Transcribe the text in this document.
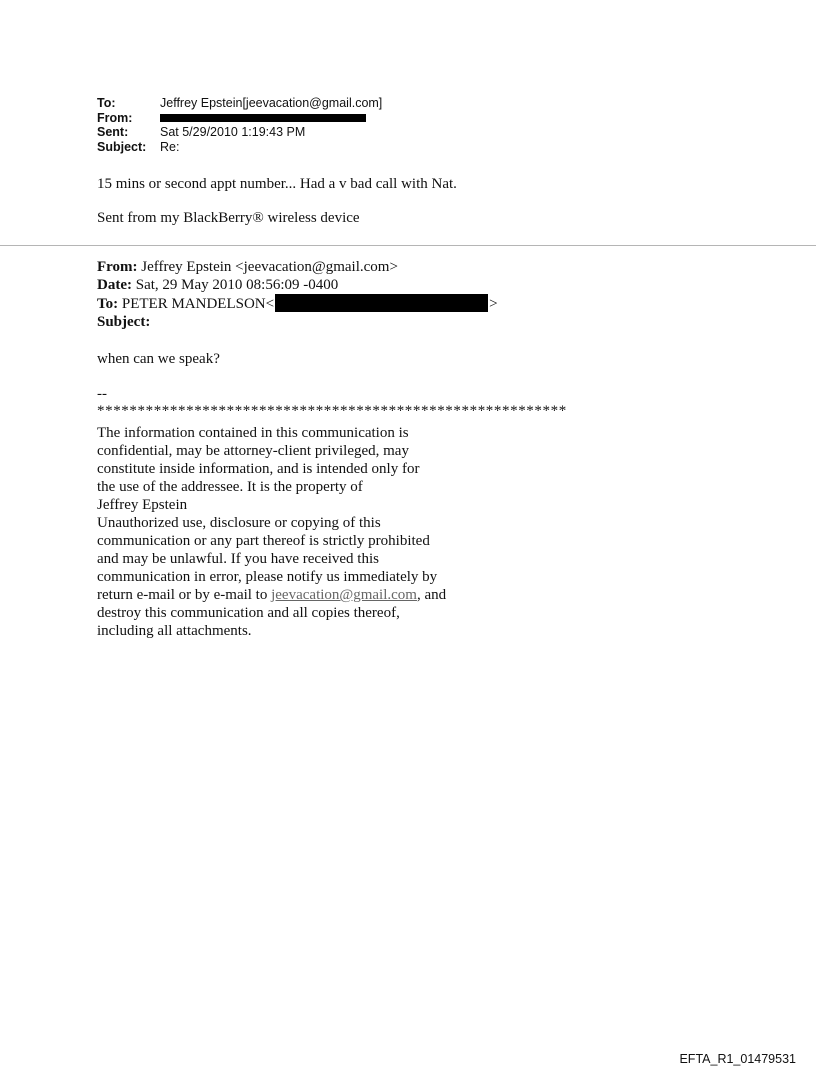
To:	Jeffrey Epstein[jeevacation@gmail.com]
From:
Sent:	Sat 5/29/2010 1:19:43 PM
Subject:	Re:
15 mins or second appt number... Had a v bad call with Nat.
Sent from my BlackBerry® wireless device
From: Jeffrey Epstein <jeevacation@gmail.com>
Date: Sat, 29 May 2010 08:56:09 -0400
To: PETER MANDELSON<	>
Subject:
when can we speak?
--
**********************************************************
The information contained in this communication is
confidential, may be attorney-client privileged, may
constitute inside information, and is intended only for
the use of the addressee. It is the property of
Jeffrey Epstein
Unauthorized use, disclosure or copying of this
communication or any part thereof is strictly prohibited
and may be unlawful. If you have received this
communication in error, please notify us immediately by
return e-mail or by e-mail to jeevacation@gmail.com, and
destroy this communication and all copies thereof,
including all attachments.
EFTA_R1_01479531
